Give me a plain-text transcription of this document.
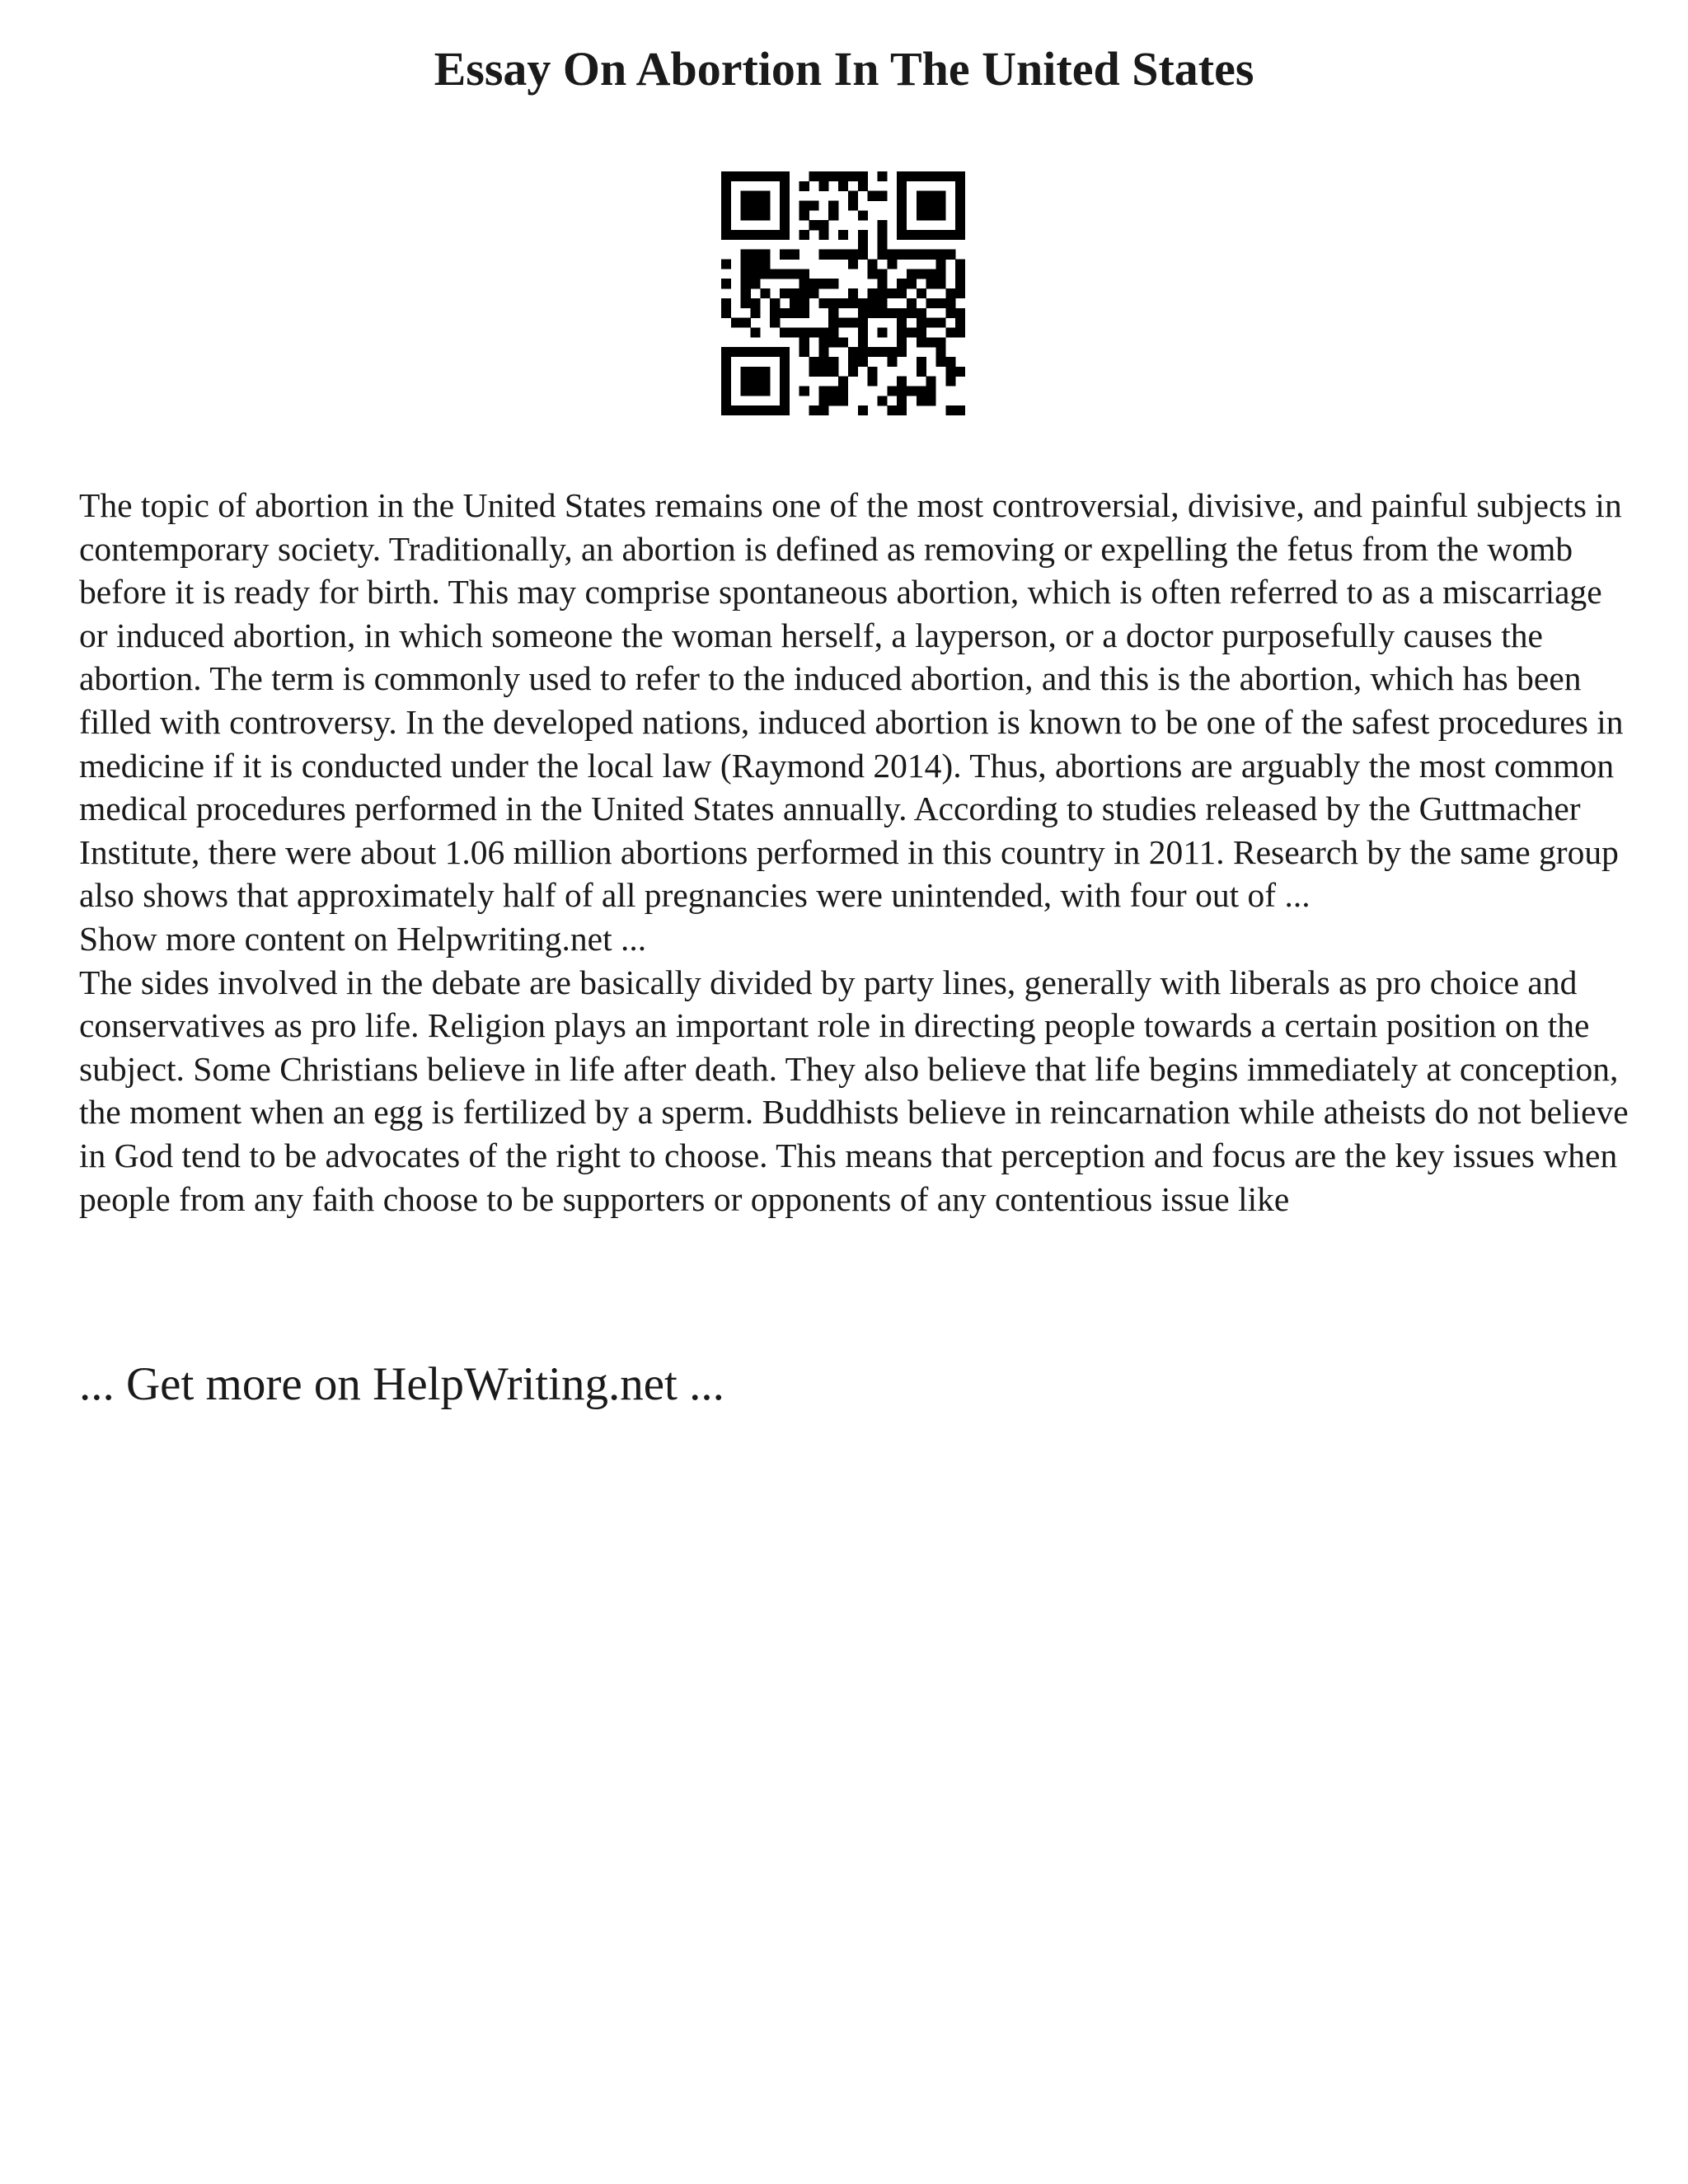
Essay On Abortion In The United States

The topic of abortion in the United States remains one of the most controversial, divisive, and painful subjects in contemporary society. Traditionally, an abortion is defined as removing or expelling the fetus from the womb before it is ready for birth. This may comprise spontaneous abortion, which is often referred to as a miscarriage or induced abortion, in which someone the woman herself, a layperson, or a doctor purposefully causes the abortion. The term is commonly used to refer to the induced abortion, and this is the abortion, which has been filled with controversy. In the developed nations, induced abortion is known to be one of the safest procedures in medicine if it is conducted under the local law (Raymond 2014). Thus, abortions are arguably the most common medical procedures performed in the United States annually. According to studies released by the Guttmacher Institute, there were about 1.06 million abortions performed in this country in 2011. Research by the same group also shows that approximately half of all pregnancies were unintended, with four out of ...

Show more content on Helpwriting.net ...

The sides involved in the debate are basically divided by party lines, generally with liberals as pro choice and conservatives as pro life. Religion plays an important role in directing people towards a certain position on the subject. Some Christians believe in life after death. They also believe that life begins immediately at conception, the moment when an egg is fertilized by a sperm. Buddhists believe in reincarnation while atheists do not believe in God tend to be advocates of the right to choose. This means that perception and focus are the key issues when people from any faith choose to be supporters or opponents of any contentious issue like

... Get more on HelpWriting.net ...
